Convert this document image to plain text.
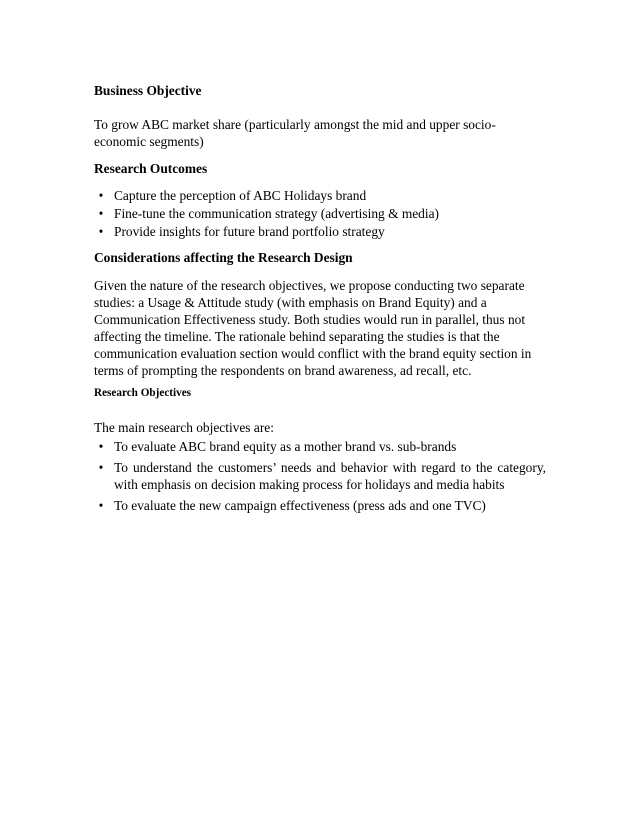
Business Objective

To grow ABC market share (particularly amongst the mid and upper socio-economic segments)

Research Outcomes
• Capture the perception of ABC Holidays brand
• Fine-tune the communication strategy (advertising & media)
• Provide insights for future brand portfolio strategy
Considerations affecting the Research Design

Given the nature of the research objectives, we propose conducting two separate studies: a Usage & Attitude study (with emphasis on Brand Equity) and a Communication Effectiveness study. Both studies would run in parallel, thus not affecting the timeline. The rationale behind separating the studies is that the communication evaluation section would conflict with the brand equity section in terms of prompting the respondents on brand awareness, ad recall, etc.

Research Objectives

The main research objectives are:

• To evaluate ABC brand equity as a mother brand vs. sub-brands
• To understand the customers’ needs and behavior with regard to the category, with emphasis on decision making process for holidays and media habits
• To evaluate the new campaign effectiveness (press ads and one TVC)
